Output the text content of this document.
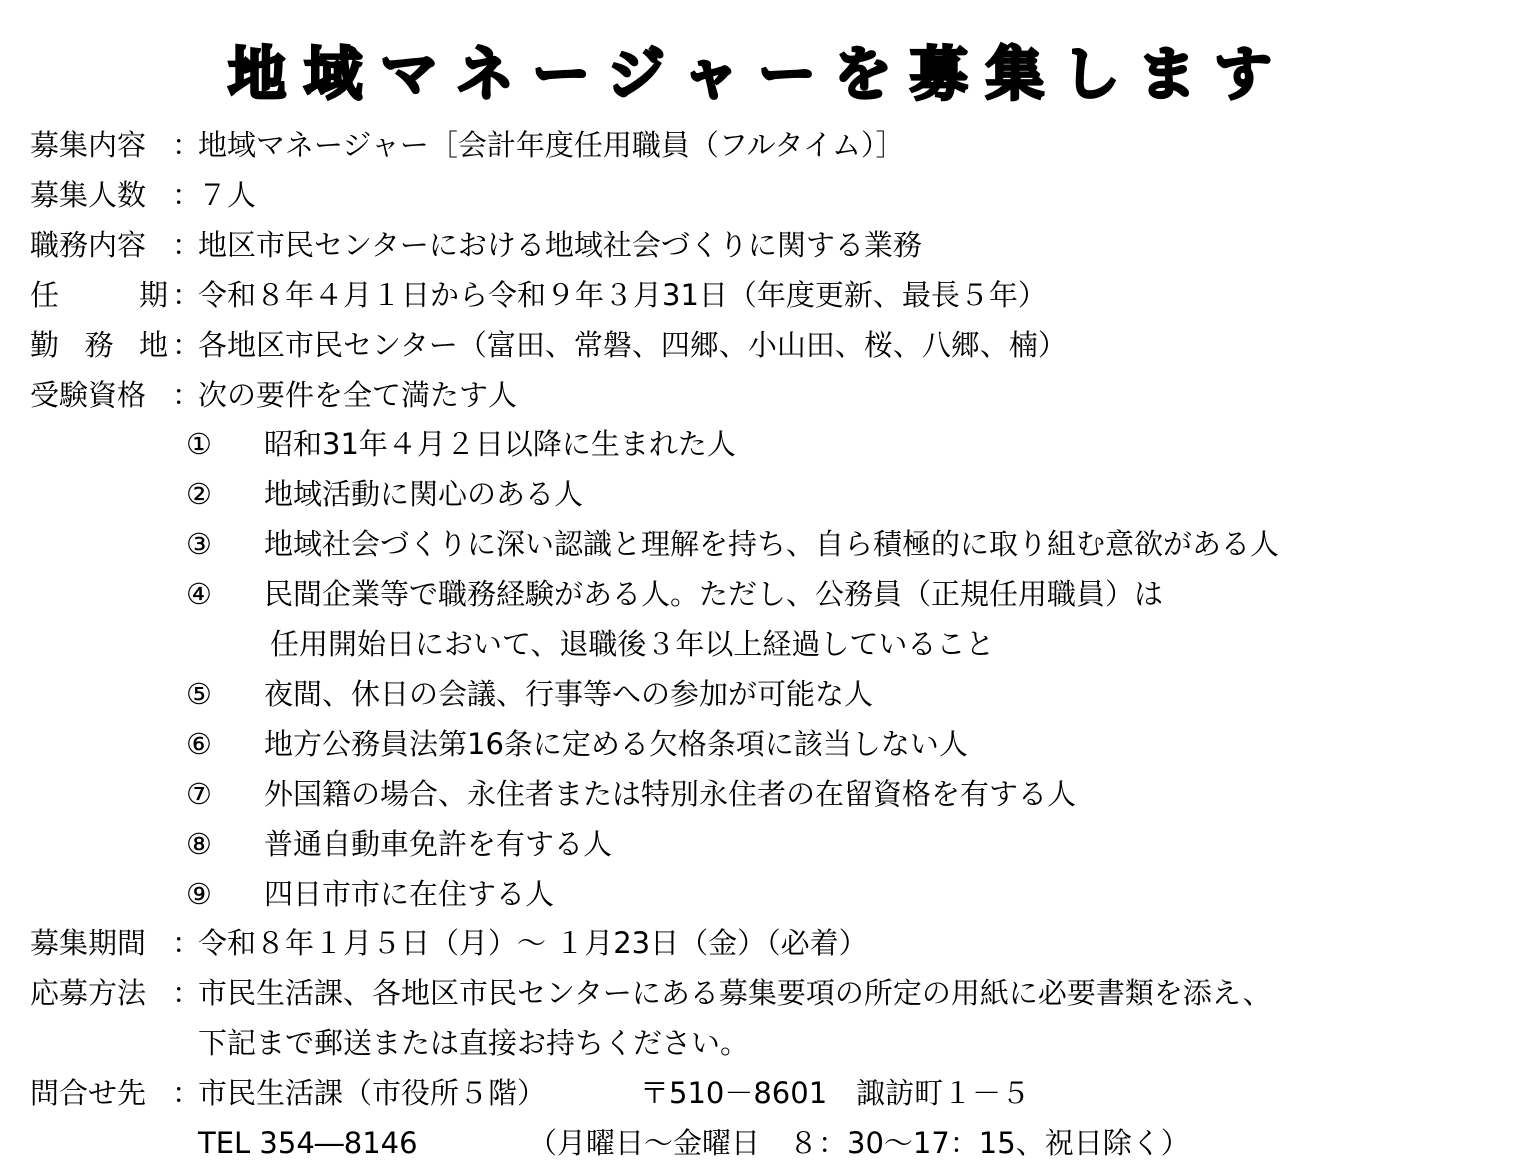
地域マネージャーを募集します
募集内容 ：
地域マネージャー［会計年度任用職員（フルタイム）］
募集人数 ：
７人
職務内容 ：
地区市民センターにおける地域社会づくりに関する業務
任	期 ：
令和８年４月１日から令和９年３月31日（年度更新、最長５年）
勤 務 地 ：
各地区市民センター（富田、常磐、四郷、小山田、桜、八郷、楠）
受験資格 ：
次の要件を全て満たす人
①	昭和31年４月２日以降に生まれた人
②	地域活動に関心のある人
③	地域社会づくりに深い認識と理解を持ち、自ら積極的に取り組む意欲がある人
④	民間企業等で職務経験がある人。ただし、公務員（正規任用職員）は
任用開始日において、退職後３年以上経過していること
⑤	夜間、休日の会議、行事等への参加が可能な人
⑥	地方公務員法第16条に定める欠格条項に該当しない人
⑦	外国籍の場合、永住者または特別永住者の在留資格を有する人
⑧	普通自動車免許を有する人
⑨	四日市市に在住する人
募集期間 ：
令和８年１月５日（月）～ １月23日（金）（必着）
応募方法 ：
市民生活課、各地区市民センターにある募集要項の所定の用紙に必要書類を添え、
下記まで郵送または直接お持ちください。
問合せ先 ：
市民生活課（市役所５階）	〒510－8601　諏訪町１－５
TEL 354―8146	（月曜日～金曜日　８：30～17：15、祝日除く）
